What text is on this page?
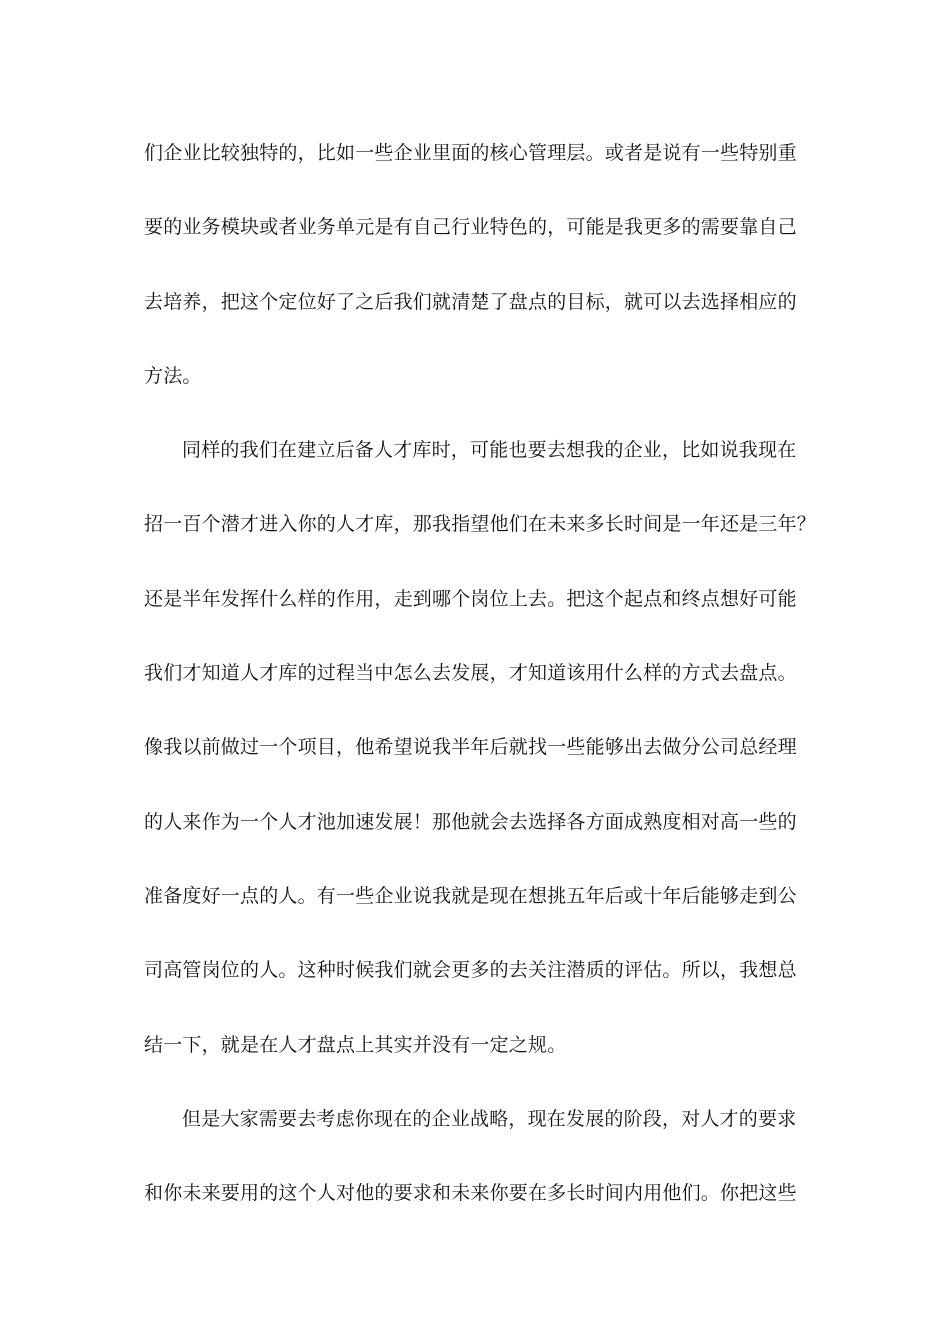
们企业比较独特的，比如一些企业里面的核心管理层。或者是说有一些特别重
要的业务模块或者业务单元是有自己行业特色的，可能是我更多的需要靠自己
去培养，把这个定位好了之后我们就清楚了盘点的目标，就可以去选择相应的
方法。
同样的我们在建立后备人才库时，可能也要去想我的企业，比如说我现在
招一百个潜才进入你的人才库，那我指望他们在未来多长时间是一年还是三年？
还是半年发挥什么样的作用，走到哪个岗位上去。把这个起点和终点想好可能
我们才知道人才库的过程当中怎么去发展，才知道该用什么样的方式去盘点。
像我以前做过一个项目，他希望说我半年后就找一些能够出去做分公司总经理
的人来作为一个人才池加速发展！那他就会去选择各方面成熟度相对高一些的
准备度好一点的人。有一些企业说我就是现在想挑五年后或十年后能够走到公
司高管岗位的人。这种时候我们就会更多的去关注潜质的评估。所以，我想总
结一下，就是在人才盘点上其实并没有一定之规。
但是大家需要去考虑你现在的企业战略，现在发展的阶段，对人才的要求
和你未来要用的这个人对他的要求和未来你要在多长时间内用他们。你把这些
